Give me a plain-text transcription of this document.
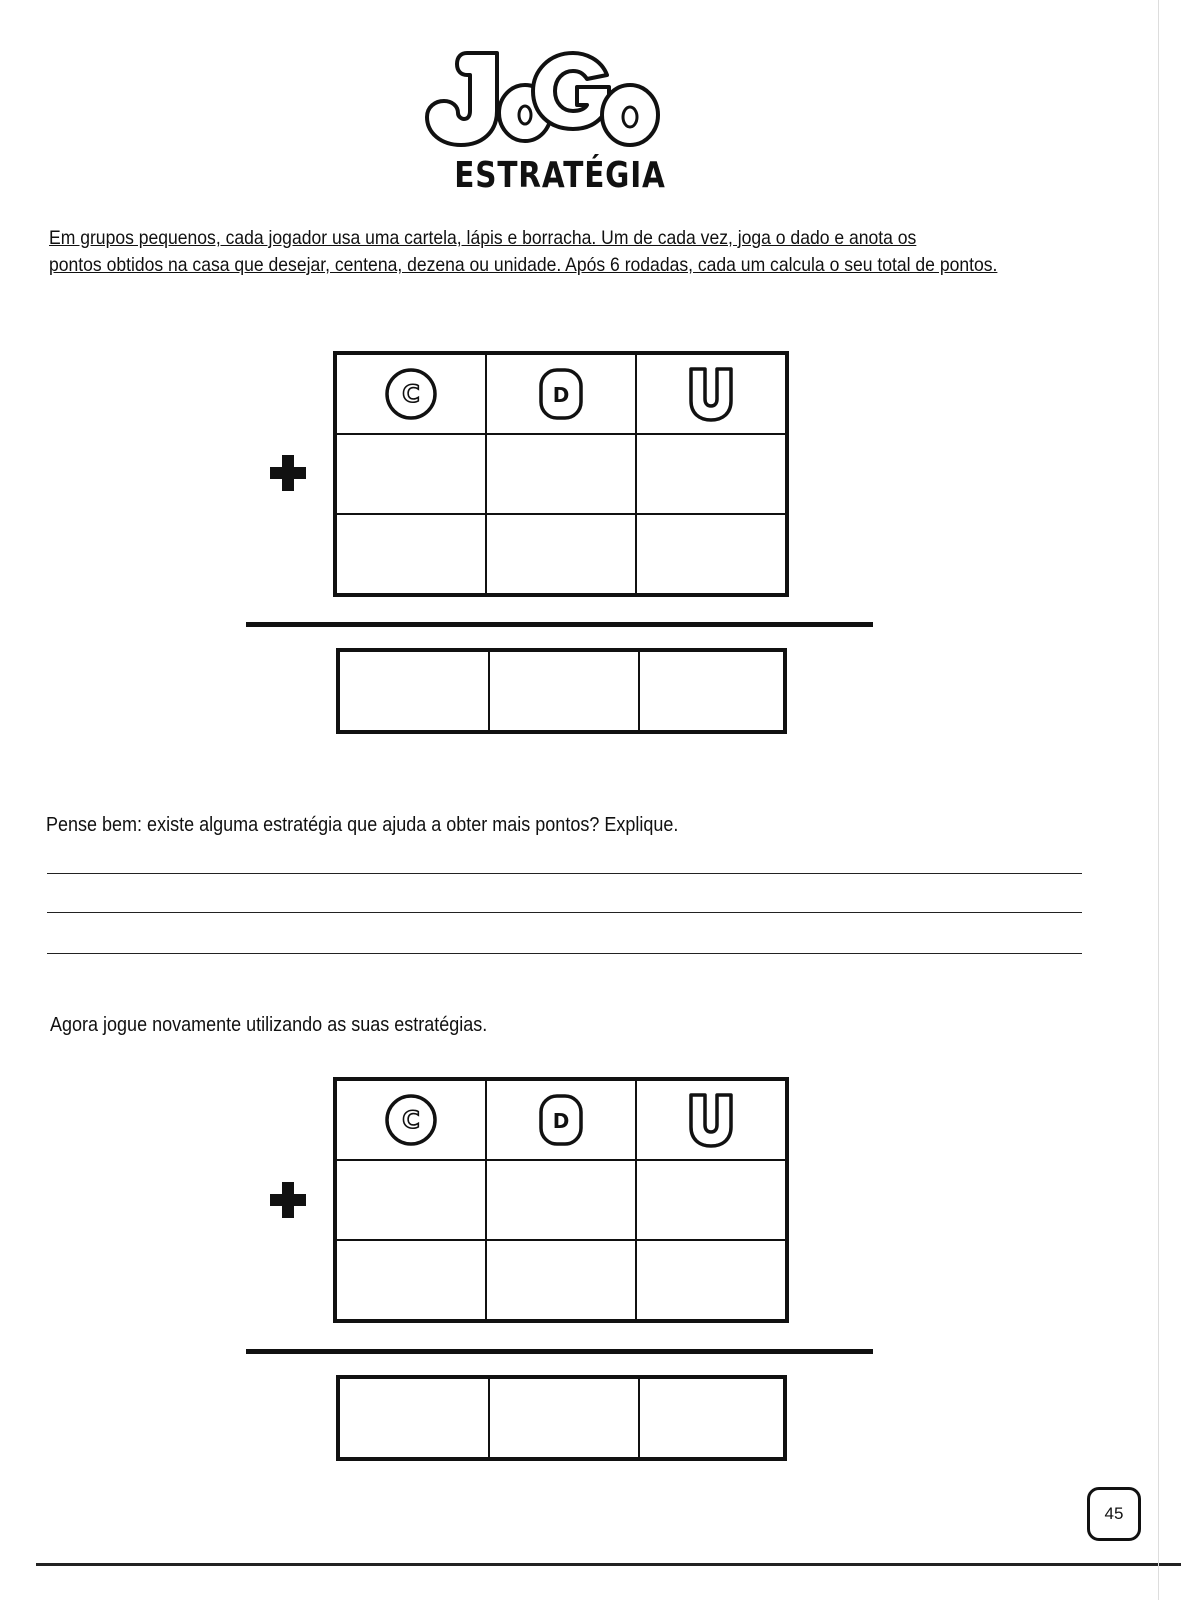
JOGO
ESTRATÉGIA
Em grupos pequenos, cada jogador usa uma cartela, lápis e borracha. Um de cada vez, joga o dado e anota os
pontos obtidos na casa que desejar, centena, dezena ou unidade. Após 6 rodadas, cada um calcula o seu total de pontos.
C	D	U
Pense bem: existe alguma estratégia que ajuda a obter mais pontos? Explique.
Agora jogue novamente utilizando as suas estratégias.
C	D	U
45
